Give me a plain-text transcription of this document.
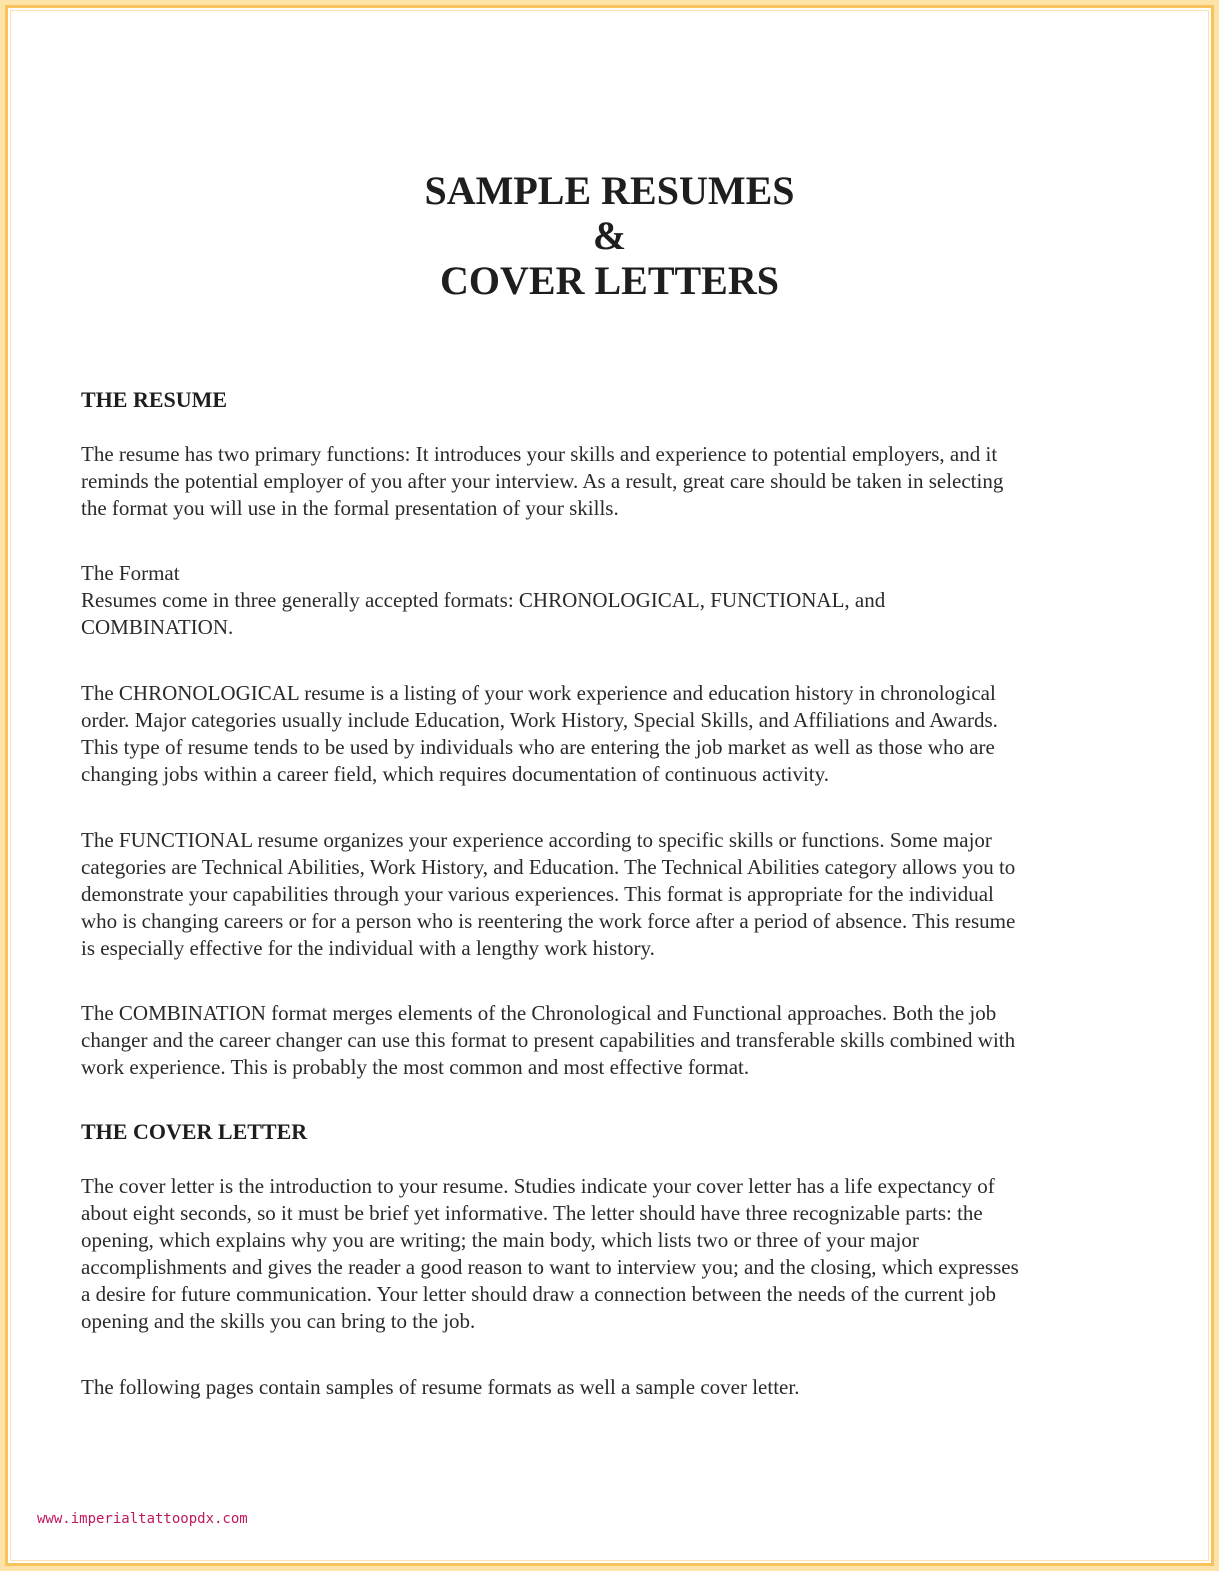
SAMPLE RESUMES
&
COVER LETTERS
THE RESUME
The resume has two primary functions: It introduces your skills and experience to potential employers, and it
reminds the potential employer of you after your interview. As a result, great care should be taken in selecting
the format you will use in the formal presentation of your skills.
The Format
Resumes come in three generally accepted formats: CHRONOLOGICAL, FUNCTIONAL, and
COMBINATION.
The CHRONOLOGICAL resume is a listing of your work experience and education history in chronological
order. Major categories usually include Education, Work History, Special Skills, and Affiliations and Awards.
This type of resume tends to be used by individuals who are entering the job market as well as those who are
changing jobs within a career field, which requires documentation of continuous activity.
The FUNCTIONAL resume organizes your experience according to specific skills or functions. Some major
categories are Technical Abilities, Work History, and Education. The Technical Abilities category allows you to
demonstrate your capabilities through your various experiences. This format is appropriate for the individual
who is changing careers or for a person who is reentering the work force after a period of absence. This resume
is especially effective for the individual with a lengthy work history.
The COMBINATION format merges elements of the Chronological and Functional approaches. Both the job
changer and the career changer can use this format to present capabilities and transferable skills combined with
work experience. This is probably the most common and most effective format.
THE COVER LETTER
The cover letter is the introduction to your resume. Studies indicate your cover letter has a life expectancy of
about eight seconds, so it must be brief yet informative. The letter should have three recognizable parts: the
opening, which explains why you are writing; the main body, which lists two or three of your major
accomplishments and gives the reader a good reason to want to interview you; and the closing, which expresses
a desire for future communication. Your letter should draw a connection between the needs of the current job
opening and the skills you can bring to the job.
The following pages contain samples of resume formats as well a sample cover letter.
www.imperialtattoopdx.com
